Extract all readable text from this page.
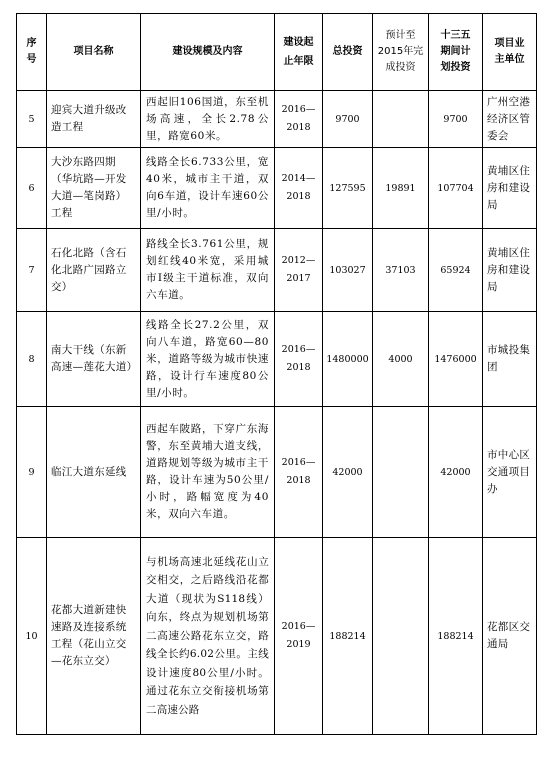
序号	项目名称	建设规模及内容	建设起止年限	总投资	预计至2015年完成投资	十三五期间计划投资	项目业主单位
5	迎宾大道升级改造工程	西起旧106国道，东至机场高速，全长2.78公里，路宽60米。	2016—2018	9700		9700	广州空港经济区管委会
6	大沙东路四期（华坑路—开发大道—笔岗路）工程	线路全长6.733公里，宽40米，城市主干道，双向6车道，设计车速60公里/小时。	2014—2018	127595	19891	107704	黄埔区住房和建设局
7	石化北路（含石化北路广园路立交）	路线全长3.761公里，规划红线40米宽，采用城市I级主干道标准，双向六车道。	2012—2017	103027	37103	65924	黄埔区住房和建设局
8	南大干线（东新高速—莲花大道）	线路全长27.2公里，双向八车道，路宽60—80米，道路等级为城市快速路，设计行车速度80公里/小时。	2016—2018	1480000	4000	1476000	市城投集团
9	临江大道东延线	西起车陂路，下穿广东海警，东至黄埔大道支线，道路规划等级为城市主干路，设计车速为50公里/小时，路幅宽度为40米，双向六车道。	2016—2018	42000		42000	市中心区交通项目办
10	花都大道新建快速路及连接系统工程（花山立交—花东立交）	与机场高速北延线花山立交相交，之后路线沿花都大道（现状为S118线）向东，终点为规划机场第二高速公路花东立交，路线全长约6.02公里。主线设计速度80公里/小时。通过花东立交衔接机场第二高速公路	2016—2019	188214		188214	花都区交通局
